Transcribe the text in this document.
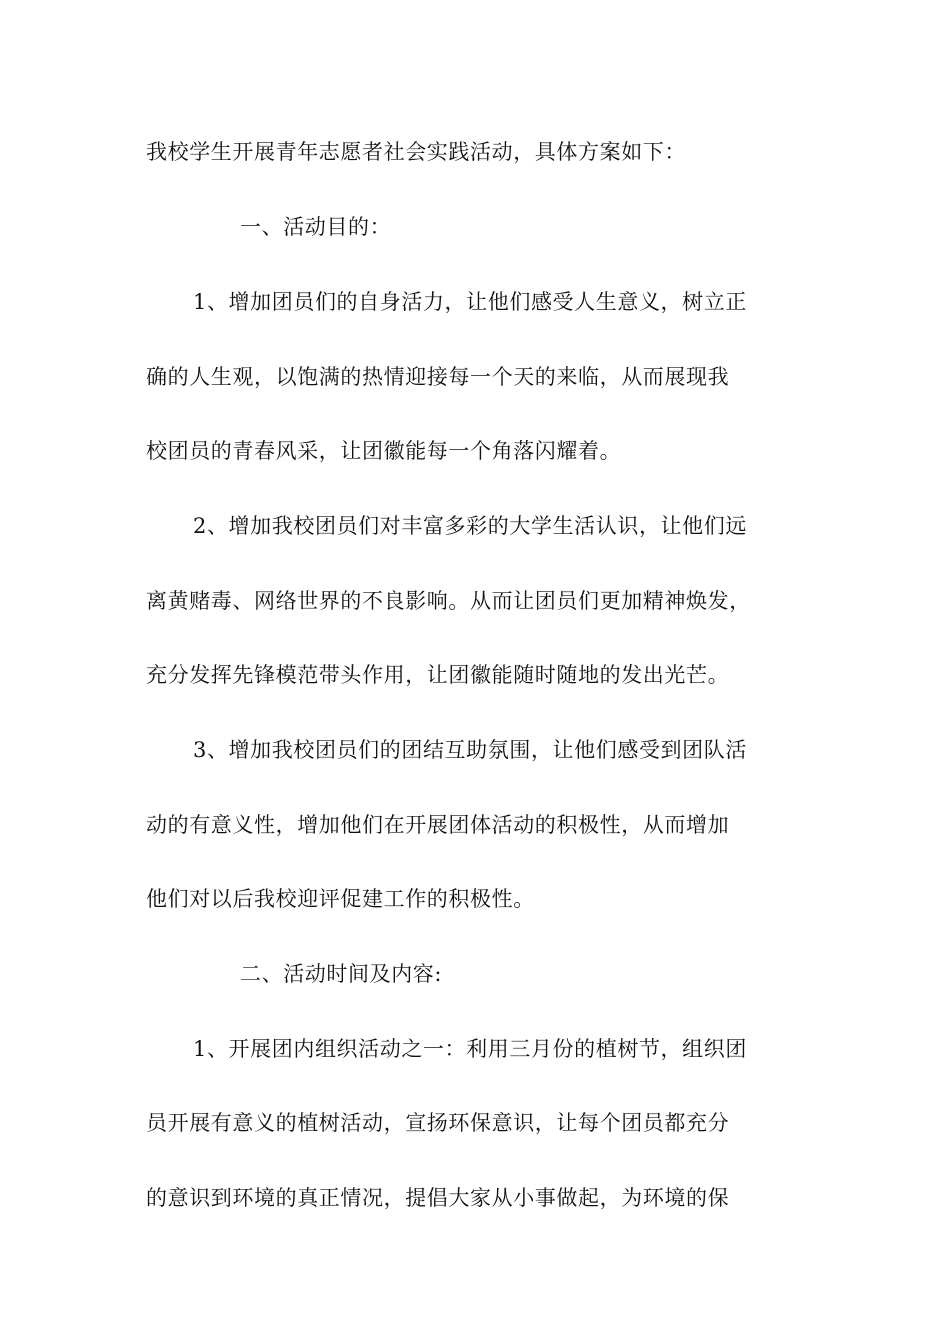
我校学生开展青年志愿者社会实践活动，具体方案如下：
一、活动目的：
1、增加团员们的自身活力，让他们感受人生意义，树立正
确的人生观，以饱满的热情迎接每一个天的来临，从而展现我
校团员的青春风采，让团徽能每一个角落闪耀着。
2、增加我校团员们对丰富多彩的大学生活认识，让他们远
离黄赌毒、网络世界的不良影响。从而让团员们更加精神焕发，
充分发挥先锋模范带头作用，让团徽能随时随地的发出光芒。
3、增加我校团员们的团结互助氛围，让他们感受到团队活
动的有意义性，增加他们在开展团体活动的积极性，从而增加
他们对以后我校迎评促建工作的积极性。
二、活动时间及内容:
1、开展团内组织活动之一：利用三月份的植树节，组织团
员开展有意义的植树活动，宣扬环保意识，让每个团员都充分
的意识到环境的真正情况，提倡大家从小事做起，为环境的保
